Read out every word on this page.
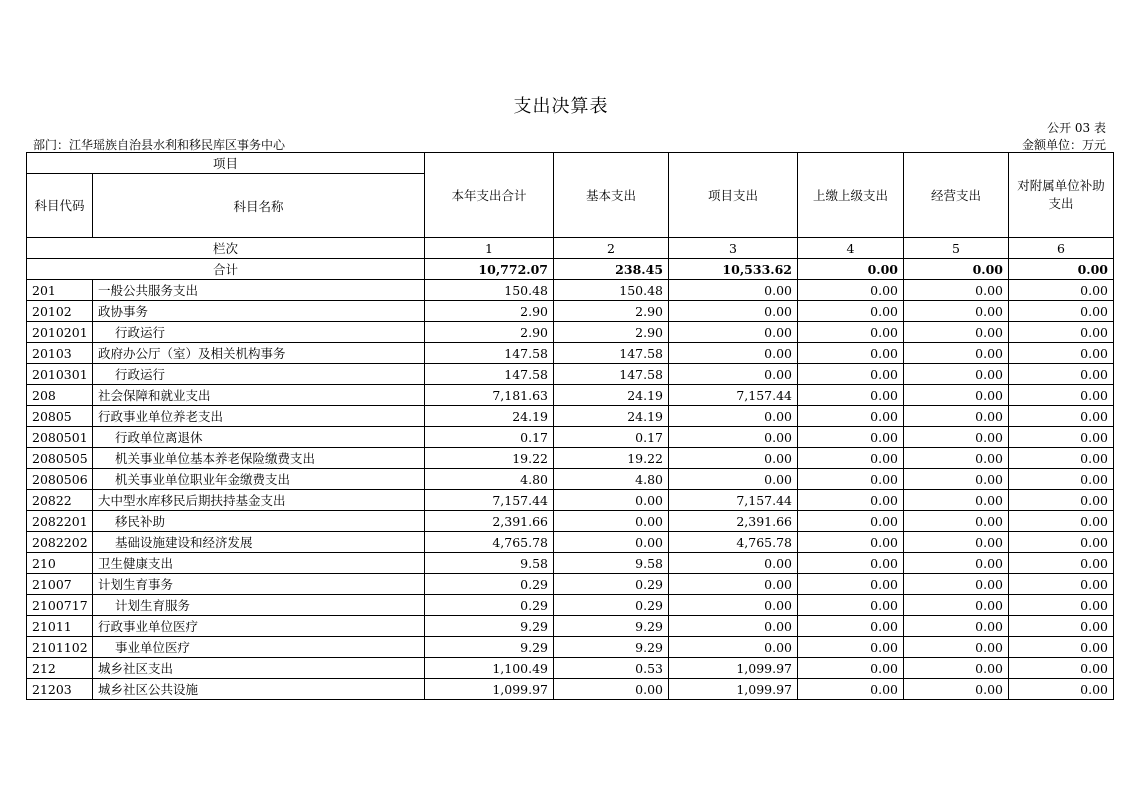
支出决算表
公开 03 表
部门：江华瑶族自治县水利和移民库区事务中心	金额单位：万元
项目		本年支出合计	基本支出	项目支出	上缴上级支出	经营支出	对附属单位补助支出
科目代码	科目名称						
栏次		1	2	3	4	5	6
合计		10,772.07	238.45	10,533.62	0.00	0.00	0.00
201	一般公共服务支出	150.48	150.48	0.00	0.00	0.00	0.00
20102	政协事务	2.90	2.90	0.00	0.00	0.00	0.00
2010201	行政运行	2.90	2.90	0.00	0.00	0.00	0.00
20103	政府办公厅（室）及相关机构事务	147.58	147.58	0.00	0.00	0.00	0.00
2010301	行政运行	147.58	147.58	0.00	0.00	0.00	0.00
208	社会保障和就业支出	7,181.63	24.19	7,157.44	0.00	0.00	0.00
20805	行政事业单位养老支出	24.19	24.19	0.00	0.00	0.00	0.00
2080501	行政单位离退休	0.17	0.17	0.00	0.00	0.00	0.00
2080505	机关事业单位基本养老保险缴费支出	19.22	19.22	0.00	0.00	0.00	0.00
2080506	机关事业单位职业年金缴费支出	4.80	4.80	0.00	0.00	0.00	0.00
20822	大中型水库移民后期扶持基金支出	7,157.44	0.00	7,157.44	0.00	0.00	0.00
2082201	移民补助	2,391.66	0.00	2,391.66	0.00	0.00	0.00
2082202	基础设施建设和经济发展	4,765.78	0.00	4,765.78	0.00	0.00	0.00
210	卫生健康支出	9.58	9.58	0.00	0.00	0.00	0.00
21007	计划生育事务	0.29	0.29	0.00	0.00	0.00	0.00
2100717	计划生育服务	0.29	0.29	0.00	0.00	0.00	0.00
21011	行政事业单位医疗	9.29	9.29	0.00	0.00	0.00	0.00
2101102	事业单位医疗	9.29	9.29	0.00	0.00	0.00	0.00
212	城乡社区支出	1,100.49	0.53	1,099.97	0.00	0.00	0.00
21203	城乡社区公共设施	1,099.97	0.00	1,099.97	0.00	0.00	0.00
